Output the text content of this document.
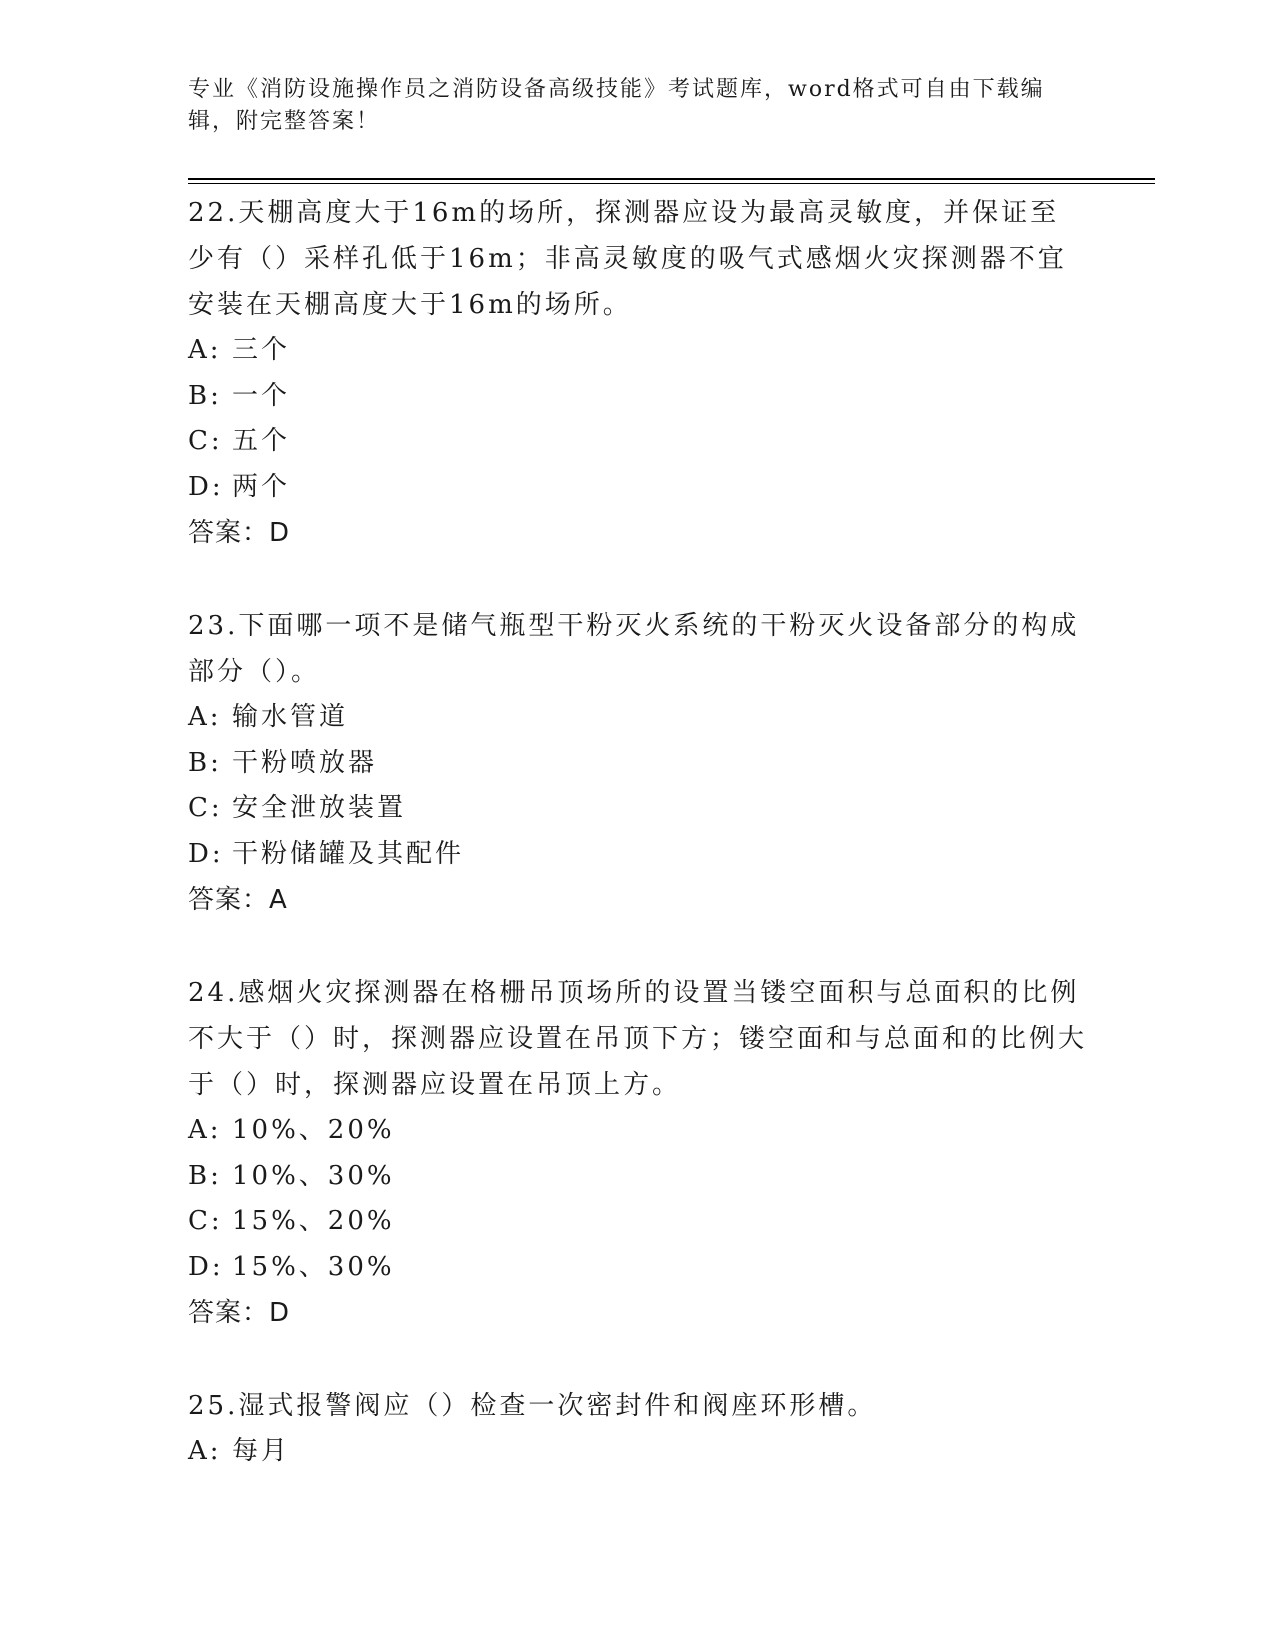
专业《消防设施操作员之消防设备高级技能》考试题库，word格式可自由下载编辑，附完整答案！

22.天棚高度大于16m的场所，探测器应设为最高灵敏度，并保证至少有（）采样孔低于16m；非高灵敏度的吸气式感烟火灾探测器不宜安装在天棚高度大于16m的场所。

A: 三个

B: 一个

C: 五个

D: 两个

答案：D

23.下面哪一项不是储气瓶型干粉灭火系统的干粉灭火设备部分的构成部分（）。

A: 输水管道

B: 干粉喷放器

C: 安全泄放装置

D: 干粉储罐及其配件

答案：A

24.感烟火灾探测器在格栅吊顶场所的设置当镂空面积与总面积的比例不大于（）时，探测器应设置在吊顶下方；镂空面和与总面和的比例大于（）时，探测器应设置在吊顶上方。

A: 10%、20%

B: 10%、30%

C: 15%、20%

D: 15%、30%

答案：D

25.湿式报警阀应（）检查一次密封件和阀座环形槽。

A: 每月
